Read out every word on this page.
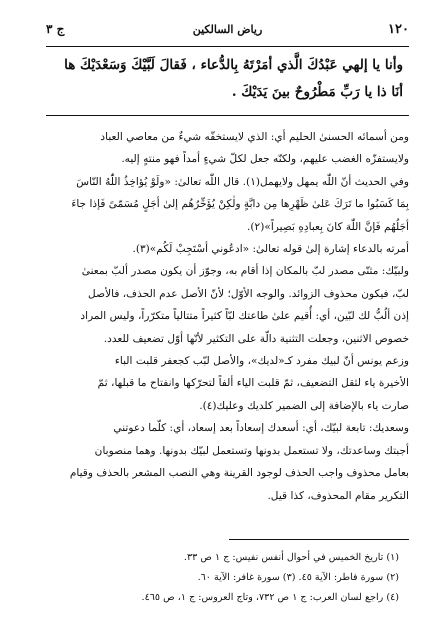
١٢٠
رياض السالكين
ج ٣

وأنا يا إلهي عَبْدُكَ الَّذي أمَرْتَهُ بِالدُّعاء ، فَقالَ لَبَّيْكَ وَسَعْدَيْكَ ها

أنَا ذا يا رَبِّ مَطْرُوحٌ بينَ يَدَيْكَ .

ومن أسمائه الحسنىٰ الحليم أي: الذي لايستخفّه شيءٌ من معاصي العباد

ولايستفزّه الغضب عليهم، ولكنّه جعل لكلّ شيءٍ أمداً فهو منتهٍ إليه.

وفي الحديث أنّ اللّٰه يمهل ولايهمل(١). قال اللّٰه تعالىٰ: «ولَوْ يُؤاخِذُ اللّٰهُ النّاسَ

بِمَا كَسَبُوا ما تَرَكَ عَلىٰ ظَهْرِها مِن دابَّةٍ ولٰكِنْ يُؤَخِّرُهُم إلىٰ أجَلٍ مُسَمّىً فَإذا جاءَ

أجَلُهُم فَإنَّ اللّٰهَ كانَ بِعبادِهِ بَصِيراً»(٢).

أمرته بالدعاء إشارة إلىٰ قوله تعالىٰ: «ادعُوني أسْتَجِبْ لَكُم»(٣).

ولبيّك: مثنّى مصدر لبّ بالمكان إذا أقام به، وجوّز أن يكون مصدر ألبّ بمعنىٰ

لبّ، فيكون محذوف الزوائد. والوجه الأوّل؛ لأنّ الأصل عدم الحذف، فالأصل

إذن ألُبُّ لك لبّين، أي: أُقيم علىٰ طاعتك لبّاً كثيراً متتالياً متكرّراً، وليس المراد

خصوص الاثنين، وجعلت التثنية دالّة على التكثير لأنّها أوّل تضعيف للعدد.

وزعم يونس أنّ لبيك مفرد كـ«لديك»، والأصل لبّب كجعفر قلبت الباء

الأخيرة ياء لثقل التضعيف، ثمّ قلبت الياء ألفاً لتحرّكها وانفتاح ما قبلها، ثمّ

صارت ياء بالإضافة إلى الضمير كلديك وعليك(٤).

وسعديك: تابعة لبيّك، أي: أسعدك إسعاداً بعد إسعاد، أي: كلّما دعوتني

أجبتك وساعدتك، ولا تستعمل بدونها وتستعمل لبيّك بدونها. وهما منصوبان

بعامل محذوف واجب الحذف لوجود القرينة وهي النصب المشعر بالحذف وقيام

التكرير مقام المحذوف، كذا قيل.

(١) تاريخ الخميس في أحوال أنفس نفيس: ج ١ ص ٣٣.

(٢) سورة فاطر: الآية ٤٥. (٣) سورة غافر: الآية ٦٠.

(٤) راجع لسان العرب: ج ١ ص ٧٣٢، وتاج العروس: ج ١، ص ٤٦٥.
